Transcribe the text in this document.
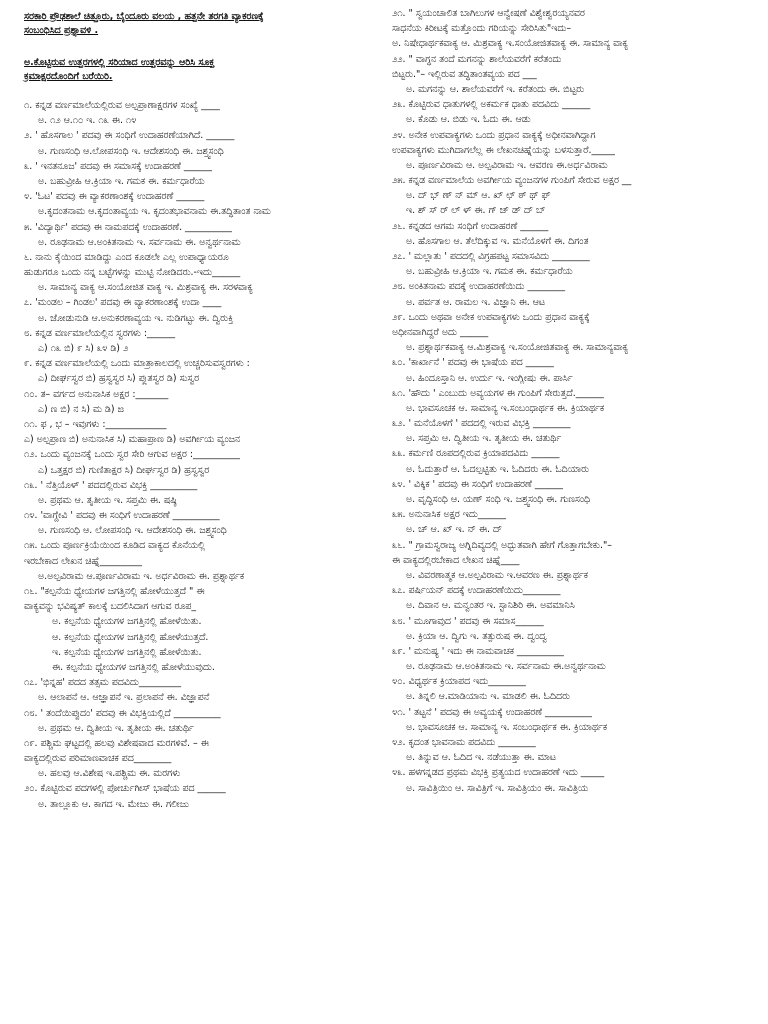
ಸರಕಾರಿ ಪ್ರೌಢಶಾಲೆ ಚಿತ್ತೂರು, ಬೈಂದೂರು ವಲಯ , ಹತ್ತನೇ ತರಗತಿ ವ್ಯಾಕರಣಕ್ಕೆ
ಸಂಬಂಧಿಸಿದ ಪ್ರಶ್ನಾವಳಿ .
ಅ.ಕೊಟ್ಟಿರುವ ಉತ್ತರಗಳಲ್ಲಿ ಸರಿಯಾದ ಉತ್ತರವನ್ನು ಆರಿಸಿ ಸೂಕ್ತ
ಕ್ರಮಾಕ್ಷರದೊಂದಿಗೆ ಬರೆಯಿರಿ.
೧. ಕನ್ನಡ ವರ್ಣಮಾಲೆಯಲ್ಲಿರುವ ಅಲ್ಪಪ್ರಾಣಾಕ್ಷರಗಳ ಸಂಖ್ಯೆ ____
ಅ. ೧೨ ಆ.೧೦ ಇ. ೧೩ ಈ. ೧೪
೨. ' ಹೊಸಗಾಲ ' ಪದವು ಈ ಸಂಧಿಗೆ ಉದಾಹರಣೆಯಾಗಿದೆ. ______
ಅ. ಗುಣಸಂಧಿ ಆ.ಲೋಪಸಂಧಿ ಇ. ಆದೇಶಸಂಧಿ ಈ. ಜಶ್ತ್ವಸಂಧಿ
೩. ' ಇನತನೂಜ' ಪದವು ಈ ಸಮಾಸಕ್ಕೆ ಉದಾಹರಣೆ ______
ಅ. ಬಹುವ್ರೀಹಿ ಆ.ಕ್ರಿಯಾ ಇ. ಗಮಕ ಈ. ಕರ್ಮಧಾರೆಯ
೪. 'ಓಟ' ಪದವು ಈ ವ್ಯಾಕರಣಾಂಶಕ್ಕೆ ಉದಾಹರಣೆ ______
ಅ.ಕೃದಂತನಾಮ ಆ.ಕೃದಂತಾವ್ಯಯ ಇ. ಕೃದಂತಭಾವನಾಮ ಈ.ತದ್ಧಿತಾಂತ ನಾಮ
೫. 'ವಿದ್ಯಾರ್ಥಿ' ಪದವು ಈ ನಾಮಪದಕ್ಕೆ ಉದಾಹರಣೆ. __________
ಅ. ರೂಢನಾಮ ಆ.ಅಂಕಿತನಾಮ ಇ. ಸರ್ವನಾಮ ಈ. ಅನ್ವರ್ಥನಾಮ
೬. ನಾನು ಕೈಯಿಂದ ಮಾಡಿದ್ದು ಎಂದ ಕೂಡಲೇ ಎಲ್ಲ ಉಪಾಧ್ಯಾಯರೂ
ಹುಡುಗರೂ ಒಂದು ನನ್ನ ಬಟ್ಟೆಗಳನ್ನು ಮುಟ್ಟಿ ನೋಡಿದರು.-ಇದು______
ಅ. ಸಾಮಾನ್ಯ ವಾಕ್ಯ ಆ.ಸಂಯೋಜಿತ ವಾಕ್ಯ ಇ. ಮಿಶ್ರವಾಕ್ಯ ಈ. ಸರಳವಾಕ್ಯ
೭. 'ಮಂಡಲ – ಗಿಂಡಲ' ಪದವು ಈ ವ್ಯಾಕರಣಾಂಶಕ್ಕೆ ಉದಾ ____
ಅ. ಜೋಡುನುಡಿ ಆ.ಅನುಕರಣಾವ್ಯಯ ಇ. ನುಡಿಗಟ್ಟು ಈ. ದ್ವಿರುಕ್ತಿ
೮. ಕನ್ನಡ ವರ್ಣಮಾಲೆಯಲ್ಲಿನ ಸ್ವರಗಳು :______
ಎ) ೧೩ ಬಿ) ೯ ಸಿ) ೩೪ ಡಿ) ೨
೯. ಕನ್ನಡ ವರ್ಣಮಾಲೆಯಲ್ಲಿ ಒಂದು ಮಾತ್ರಾಕಾಲದಲ್ಲಿ ಉಚ್ಚರಿಸುವಸ್ವರಗಳು :
ಎ) ದೀರ್ಘಸ್ವರ ಬಿ) ಹ್ರಸ್ವಸ್ವರ ಸಿ) ಪ್ಲುತಸ್ವರ ಡಿ) ಸುಸ್ವರ
೧೦. ತ– ವರ್ಗದ ಅನುನಾಸಿಕ ಅಕ್ಷರ :_______
ಎ) ಣ ಬಿ) ನ ಸಿ) ಮ ಡಿ) ಙ
೧೧. ಫ , ಭ – ಇವುಗಳು :_____________
ಎ) ಅಲ್ಪಪ್ರಾಣ ಬಿ) ಅನುನಾಸಿಕ ಸಿ) ಮಹಾಪ್ರಾಣ ಡಿ) ಅವರ್ಗೀಯ ವ್ಯಂಜನ
೧೨. ಒಂದು ವ್ಯಂಜನಕ್ಕೆ ಒಂದು ಸ್ವರ ಸೇರಿ ಆಗುವ ಅಕ್ಷರ :__________
ಎ) ಒತ್ತಕ್ಷರ ಬಿ) ಗುಣಿತಾಕ್ಷರ ಸಿ) ದೀರ್ಘಸ್ವರ ಡಿ) ಹ್ರಸ್ವಸ್ವರ
೧೩. ' ನೆತ್ತಿಯೊಳ್ ' ಪದದಲ್ಲಿರುವ ವಿಭಕ್ತಿ __________
ಅ. ಪ್ರಥಮ ಆ. ತೃತೀಯ ಇ. ಸಪ್ತಮಿ ಈ. ಷಷ್ಠಿ
೧೪. 'ವಾಗ್ದೇವಿ ' ಪದವು ಈ ಸಂಧಿಗೆ ಉದಾಹರಣೆ __________
ಅ. ಗುಣಸಂಧಿ ಆ. ಲೋಪಸಂಧಿ ಇ. ಆದೇಶಸಂಧಿ ಈ. ಜಶ್ತ್ವಸಂಧಿ
೧೫. ಒಂದು ಪೂರ್ಣಕ್ರಿಯೆಯಿಂದ ಕೂಡಿದ ವಾಕ್ಯದ ಕೊನೆಯಲ್ಲಿ
ಇರಬೇಕಾದ ಲೇಖನ ಚಿಹ್ನೆ_________
ಅ.ಅಲ್ಪವಿರಾಮ ಆ.ಪೂರ್ಣವಿರಾಮ ಇ. ಅರ್ಧವಿರಾಮ ಈ. ಪ್ರಶ್ನಾರ್ಥಕ
೧೬. "ಕಲ್ಪನೆಯ ಧ್ಯೇಯಗಳ ಜಗತ್ತಿನಲ್ಲಿ ಹೋಳೆಯುತ್ತದೆ " ಈ
ವಾಕ್ಯವನ್ನು ಭವಿಷ್ಯತ್ ಕಾಲಕ್ಕೆ ಬದಲಿಸಿದಾಗ ಆಗುವ ರೂಪ_
ಅ. ಕಲ್ಪನೆಯ ಧ್ಯೇಯಗಳ ಜಗತ್ತಿನಲ್ಲಿ ಹೋಳೆಯಿತು.
ಆ. ಕಲ್ಪನೆಯ ಧ್ಯೇಯಗಳ ಜಗತ್ತಿನಲ್ಲಿ ಹೋಳೆಯುತ್ತದೆ.
ಇ. ಕಲ್ಪನೆಯ ಧ್ಯೇಯಗಳ ಜಗತ್ತಿನಲ್ಲಿ ಹೋಳೆಯಿತು.
ಈ. ಕಲ್ಪನೆಯ ಧ್ಯೇಯಗಳ ಜಗತ್ತಿನಲ್ಲಿ ಹೋಳೆಯುವುದು.
೧೭. 'ಭಿನ್ನಹ' ಪದದ ತತ್ಸಮ ಪದವಿದು_________
ಅ. ಆಲಾಪನೆ ಆ. ಆಜ್ಞಾಪನೆ ಇ. ಪ್ರಲಾಪನೆ ಈ. ವಿಜ್ಞಾಪನೆ
೧೮. ' ತಂದೆಯಿಪ್ಪುದಂ' ಪದವು ಈ ವಿಭಕ್ತಿಯಲ್ಲಿದೆ __________
ಅ. ಪ್ರಥಮ ಆ. ದ್ವಿತೀಯ ಇ. ತೃತೀಯ ಈ. ಚತುರ್ಥಿ
೧೯. ಪಶ್ಚಿಮ ಘಟ್ಟದಲ್ಲಿ ಹಲವು ವಿಶೇಷವಾದ ಮರಗಳಿವೆ. – ಈ
ವಾಕ್ಯದಲ್ಲಿರುವ ಪರಿಮಾಣವಾಚಕ ಪದ________
ಅ. ಹಲವು ಆ.ವಿಶೇಷ ಇ.ಪಶ್ಚಿಮ ಈ. ಮರಗಳು
೨೦. ಕೊಟ್ಟಿರುವ ಪದಗಳಲ್ಲಿ ಪೋರ್ಚುಗೀಸ್ ಭಾಷೆಯ ಪದ ______
ಅ. ತಾಲ್ಲೂಕು ಆ. ಕಾಗದ ಇ. ಮೇಜು ಈ. ಗಲೀಜು
೨೧. " ಸ್ವಯಂಚಾಲಿತ ಬಾಗಿಲುಗಳ ಆನ್ವೇಷಣೆ ವಿಶ್ವೇಶ್ವರಯ್ಯನವರ
ಸಾಧನೆಯ ಕಿರೀಟಕ್ಕೆ ಮತ್ತೊಂದು ಗರಿಯನ್ನು ಸೇರಿಸಿತು"ಇದು–
ಅ. ನಿಷೇಧಾರ್ಥಕವಾಕ್ಯ ಆ. ಮಿಶ್ರವಾಕ್ಯ ಇ.ಸಂಯೋಜಿತವಾಕ್ಯ ಈ. ಸಾಮಾನ್ಯ ವಾಕ್ಯ
೨೨. " ವಾಗ್ಧನ ತಂದೆ ಮಗನನ್ನು ಶಾಲೆಯವರೆಗೆ ಕರೆತಂದು
ಬಿಟ್ಟರು."– ಇಲ್ಲಿರುವ ತದ್ಧಿತಾಂತವ್ಯಯ ಪದ ___
ಅ. ಮಗನನ್ನು ಆ. ಶಾಲೆಯವರೆಗೆ ಇ. ಕರೆತಂದು ಈ. ಬಿಟ್ಟರು
೨೩. ಕೊಟ್ಟಿರುವ ಧಾತುಗಳಲ್ಲಿ ಅಕರ್ಮಕ ಧಾತು ಪದವಿದು ______
ಅ. ಕೊಡು ಆ. ಬಿಡು ಇ. ಓದು ಈ. ಆಡು
೨೪. ಅನೇಕ ಉಪವಾಕ್ಯಗಳು ಒಂದು ಪ್ರಧಾನ ವಾಕ್ಯಕ್ಕೆ ಅಧೀನವಾಗಿದ್ದಾಗ
ಉಪವಾಕ್ಯಗಳು ಮುಗಿದಾಗಲೆಲ್ಲ ಈ ಲೇಖನಚಿಹ್ನೆಯನ್ನು ಬಳಸುತ್ತಾರೆ._____
ಅ. ಪೂರ್ಣವಿರಾಮ ಆ. ಅಲ್ಪವಿರಾಮ ಇ. ಆವರಣ ಈ.ಅರ್ಧವಿರಾಮ
೨೫. ಕನ್ನಡ ವರ್ಣಮಾಲೆಯ ಅವರ್ಗೀಯ ವ್ಯಂಜನಗಳ ಗುಂಪಿಗೆ ಸೇರುವ ಅಕ್ಷರ __
ಅ. ದ್ ಭ್ ಣ್ ನ್ ಮ್ ಆ. ಖ್ ಛ್ ಠ್ ಥ್ ಫ್
ಇ. ಶ್ ಸ್ ರ್ ಲ್ ಳ್ ಈ. ಗ್ ಜ್ ಡ್ ದ್ ಬ್
೨೬. ಕನ್ನಡದ ಆಗಮ ಸಂಧಿಗೆ ಉದಾಹರಣೆ ______
ಅ. ಹೊಸಗಾಲ ಆ. ತೆಲೆದಿಕ್ಕುವ ಇ. ಮನೆಯೊಳಗೆ ಈ. ದಿಗಂತ
೨೭. ' ಮಲ್ಲಾತು ' ಪದದಲ್ಲಿ ವಿಗ್ರಹಪಟ್ಟ ಸಮಾಸವಿದು ________
ಅ. ಬಹುವ್ರೀಹಿ ಆ.ಕ್ರಿಯಾ ಇ. ಗಮಕ ಈ. ಕರ್ಮಧಾರೆಯ
೨೮. ಅಂಕಿತನಾಮ ಪದಕ್ಕೆ ಉದಾಹರಣೆಯಿದು ________
ಅ. ಪರ್ವತ ಆ. ರಾಮಲ ಇ. ವಿಜ್ಞಾನಿ ಈ. ಆಟ
೨೯. ಒಂದು ಅಥವಾ ಅನೇಕ ಉಪವಾಕ್ಯಗಳು ಒಂದು ಪ್ರಧಾನ ವಾಕ್ಯಕ್ಕೆ
ಅಧೀನವಾಗಿದ್ದರೆ ಅದು ______
ಅ. ಪ್ರಶ್ನಾರ್ಥಕವಾಕ್ಯ ಆ.ಮಿಶ್ರವಾಕ್ಯ ಇ.ಸಂಯೋಜಿತವಾಕ್ಯ ಈ. ಸಾಮಾನ್ಯವಾಕ್ಯ
೩೦. 'ಕಾರ್ಖಾನೆ ' ಪದವು ಈ ಭಾಷೆಯ ಪದ ______
ಅ. ಹಿಂದೂಸ್ತಾನಿ ಆ. ಉರ್ದು ಇ. ಇಂಗ್ಲೀಷು ಈ. ಪಾರ್ಸಿ
೩೧. 'ಹೌದು ' ಎಂಬುದು ಅವ್ಯಯಗಳ ಈ ಗುಂಪಿಗೆ ಸೇರುತ್ತದೆ.______
ಅ. ಭಾವಸೂಚಕ ಆ. ಸಾಮಾನ್ಯ ಇ.ಸಂಬಂಧಾರ್ಥಕ ಈ. ಕ್ರಿಯಾರ್ಥಕ
೩೨. ' ಮನೆಯೊಳಗೆ ' ಪದದಲ್ಲಿ ಇರುವ ವಿಭಕ್ತಿ ________
ಅ. ಸಪ್ತಮಿ ಆ. ದ್ವಿತೀಯ ಇ. ತೃತೀಯ ಈ. ಚತುರ್ಥಿ
೩೩. ಕರ್ಮಣಿ ರೂಪದಲ್ಲಿರುವ ಕ್ರಿಯಾಪದವಿದು ______
ಅ. ಓದುತ್ತಾರೆ ಆ. ಓದಲ್ಪಟ್ಟಿತು ಇ. ಓದಿದರು ಈ. ಓದಿಯಾರು
೩೪. ' ವಿಕ್ಕಿಕ ' ಪದವು ಈ ಸಂಧಿಗೆ ಉದಾಹರಣೆ ______
ಅ. ವೃದ್ಧಿಸಂಧಿ ಆ. ಯಣ್ ಸಂಧಿ ಇ. ಜಶ್ತ್ವಸಂಧಿ ಈ. ಗುಣಸಂಧಿ
೩೫. ಅನುನಾಸಿಕ ಅಕ್ಷರ ಇದು______
ಅ. ಚ್ ಆ. ಖ್ ಇ. ನ್ ಈ. ದ್
೩೬. " ಗ್ರಾಮಸ್ವರಾಜ್ಯ ಅಗ್ನಿದಿವ್ಯದಲ್ಲಿ ಅದ್ಭುತವಾಗಿ ಹೇಗೆ ಗೊತ್ತಾಗಬೇಕು."–
ಈ ವಾಕ್ಯದಲ್ಲಿರಬೇಕಾದ ಲೇಖನ ಚಿಹ್ನೆ____
ಅ. ವಿವರಣಾತ್ಮಕ ಆ.ಅಲ್ಪವಿರಾಮ ಇ.ಆವರಣ ಈ. ಪ್ರಶ್ನಾರ್ಥಕ
೩೭. ಪರ್ಷಿಯನ್ ಪದಕ್ಕೆ ಉದಾಹರಣೆಯಿದು________
ಅ. ದಿವಾನ ಆ. ಮನ್ವಂತರ ಇ. ಸ್ಟಾನಿಶಿರಿ ಈ. ಅವಮಾನಿಸಿ
೩೮. ' ಮೂಗಾವುದ ' ಪದವು ಈ ಸಮಾಸ______
ಅ. ಕ್ರಿಯಾ ಆ. ದ್ವಿಗು ಇ. ತತ್ಪುರುಷ ಈ. ದ್ವಂದ್ವ
೩೯. ' ಮನುಷ್ಯ ' ಇದು ಈ ನಾಮವಾಚಕ __________
ಅ. ರೂಢನಾಮ ಆ.ಅಂಕಿತನಾಮ ಇ. ಸರ್ವನಾಮ ಈ.ಅನ್ವರ್ಥನಾಮ
೪೦. ವಿಧ್ಯರ್ಥಕ ಕ್ರಿಯಾಪದ ಇದು________
ಅ. ತಿನ್ನಲಿ ಆ.ಮಾಡಿಯಾನು ಇ. ಮಾಡಲಿ ಈ. ಓದಿದರು
೪೧. ' ತಟ್ಟನೆ ' ಪದವು ಈ ಅವ್ಯಯಕ್ಕೆ ಉದಾಹರಣೆ __________
ಅ. ಭಾವಸೂಚಕ ಆ. ಸಾಮಾನ್ಯ ಇ. ಸಂಬಂಧಾರ್ಥಕ ಈ. ಕ್ರಿಯಾರ್ಥಕ
೪೨. ಕೃದಂತ ಭಾವನಾಮ ಪದವಿದು ________
ಅ. ತಿನ್ನುವ ಆ. ಓದಿದ ಇ. ನಡೆಯುತ್ತಾ ಈ. ಮಾಟ
೪೩. ಹಳಗನ್ನಡದ ಪ್ರಥಮ ವಿಭಕ್ತಿ ಪ್ರತ್ಯಯದ ಉದಾಹರಣೆ ಇದು _____
ಅ. ಸಾವಿತ್ರಿಯಿಂ ಆ. ಸಾವಿತ್ರಿಗೆ ಇ. ಸಾವಿತ್ರಿಯಂ ಈ. ಸಾವಿತ್ರಿಯ
